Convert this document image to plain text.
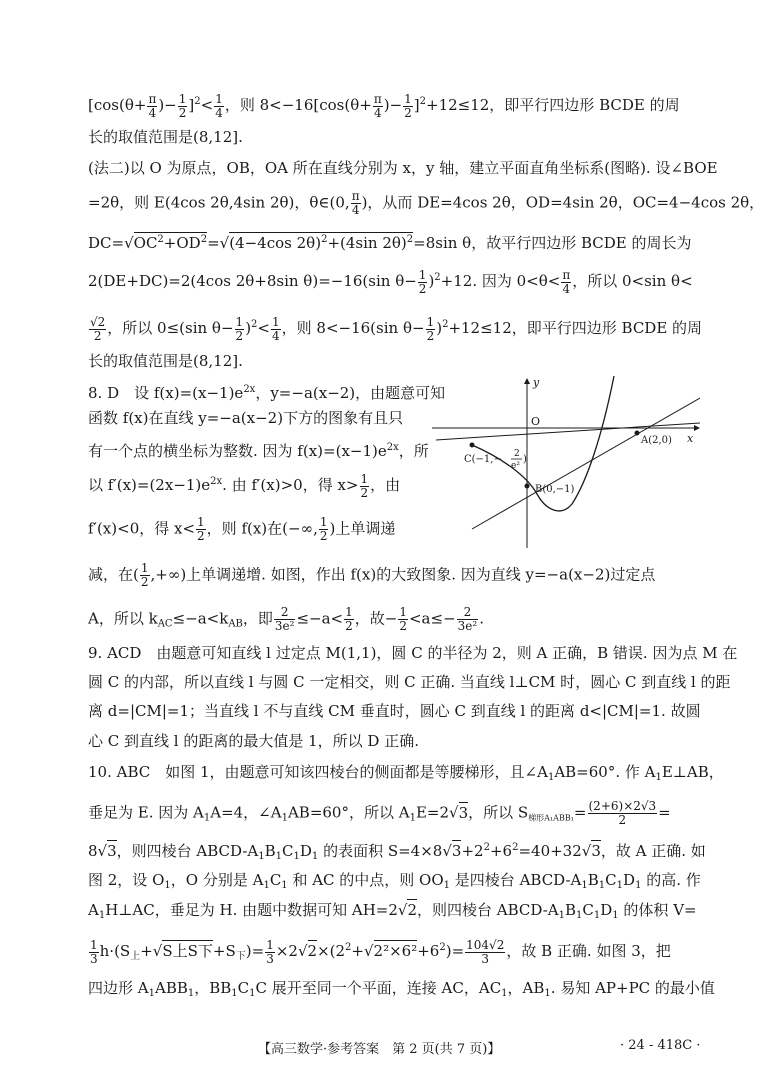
[$\cos(\theta+ \frac{\pi}{4}$ )− $\frac{1}{2} ]^2< \frac{1}{4}$ ，则 $8<-16[\cos(\theta+ \frac{\pi}{4}$ )− $\frac{1}{2} ]^2+12\le 12$，即平行四边形 BCDE 的周
长的取值范围是(8,12].
(法二)以 O 为原点，OB，OA 所在直线分别为 x，y 轴，建立平面直角坐标系(图略). 设∠BOE
=2θ，则 E(4cos 2θ,4sin 2θ)，θ∈(0, $\frac{\pi}{4}$ )，从而 DE=4cos 2θ，OD=4sin 2θ，OC=4−4cos 2θ，
$DC=√OC^2+OD^2=√(4-4\cos$ 2θ)$^2$+(4sin 2θ)$^2$=8sin θ，故平行四边形 BCDE 的周长为
2(DE+DC)=2(4cos 2θ+8sin θ)=−16(sin $\theta- \frac{1}{2} )^2+12$. 因为 $0<\theta< \frac{\pi}{4}$ ，所以 0<sin θ<
$\frac{√2}{2}$ ，所以 0≤(sin $\theta- \frac{1}{2} )^2< \frac{1}{4}$ ，则 8<−16(sin $\theta- \frac{1}{2} )^2+12\le 12$，即平行四边形 BCDE 的周
长的取值范围是(8,12].
8. D　设 $f(x)=(x-1)e^{2x}$，y=−a(x−2)，由题意可知
函数 f(x)在直线 y=−a(x−2)下方的图象有且只
有一个点的横坐标为整数. 因为 $f(x)=(x-1)e^{2x}$，所
以 $f'(x)=(2x-1)e^{2x}$. 由 f′(x)>0，得 $x> \frac{1}{2}$ ，由
f′(x)<0，得 $x< \frac{1}{2}$ ，则 f(x)在(−∞, $\frac{1}{2}$ )上单调递
减，在( $\frac{1}{2}$ ,+∞)上单调递增. 如图，作出 f(x)的大致图象. 因为直线 y=−a(x−2)过定点
A，所以 $k_{AC}\le-a<k_{AB}$，即 $\frac{2}{\text{3e²}} \le-a< \frac{1}{2}$ ，故− $\frac{1}{2} <a\le- \frac{2}{\text{3e²}}$ .
y
x
O
A(2,0)
B(0,−1)
C(−1,− 2
e²
)
9. ACD　由题意可知直线 l 过定点 M(1,1)，圆 C 的半径为 2，则 A 正确，B 错误. 因为点 M 在
圆 C 的内部，所以直线 l 与圆 C 一定相交，则 C 正确. 当直线 l⊥CM 时，圆心 C 到直线 l 的距
离 d=|CM|=1；当直线 l 不与直线 CM 垂直时，圆心 C 到直线 l 的距离 d<|CM|=1. 故圆
心 C 到直线 l 的距离的最大值是 1，所以 D 正确.
10. ABC　如图 1，由题意可知该四棱台的侧面都是等腰梯形，且$\angle A_1AB=60^\circ$. 作 $A_1E\perp AB$，
垂足为 E. 因为 $A_1A=4$，$\angle A_1AB=60^\circ$，所以 $A_1E=2√3$，所以 $S_{梯形A_1ABB_1}= \frac{(2+6)\times 2√3}{2}$ =
8√3，则四棱台 ABCD-$A_1B_1C_1D_1$ 的表面积 $S=4\times 8√3+2^2+6^2=40+32√3$，故 A 正确. 如
图 2，设 $O_1$，O 分别是 $A_1C_1$ 和 AC 的中点，则 $OO_1$ 是四棱台 ABCD-$A_1B_1C_1D_1$ 的高. 作
$A_1H\perp AC$，垂足为 H. 由题中数据可知 AH=2√2，则四棱台 ABCD-$A_1B_1C_1D_1$ 的体积 V=
$\frac{1}{3} h\cdot(S_上+√S$上S下$+S_下)= \frac{1}{3} \times 2√2\times(2^2+√2^2\times 6^2+6^2)= \frac{104√2}{3}$ ，故 B 正确. 如图 3，把
四边形 $A_1ABB_1$，$BB_1C_1C$ 展开至同一个平面，连接 AC，$AC_1$，$AB_1$. 易知 AP+PC 的最小值
【高三数学·参考答案　第 2 页(共 7 页)】	· 24 - 418C ·
